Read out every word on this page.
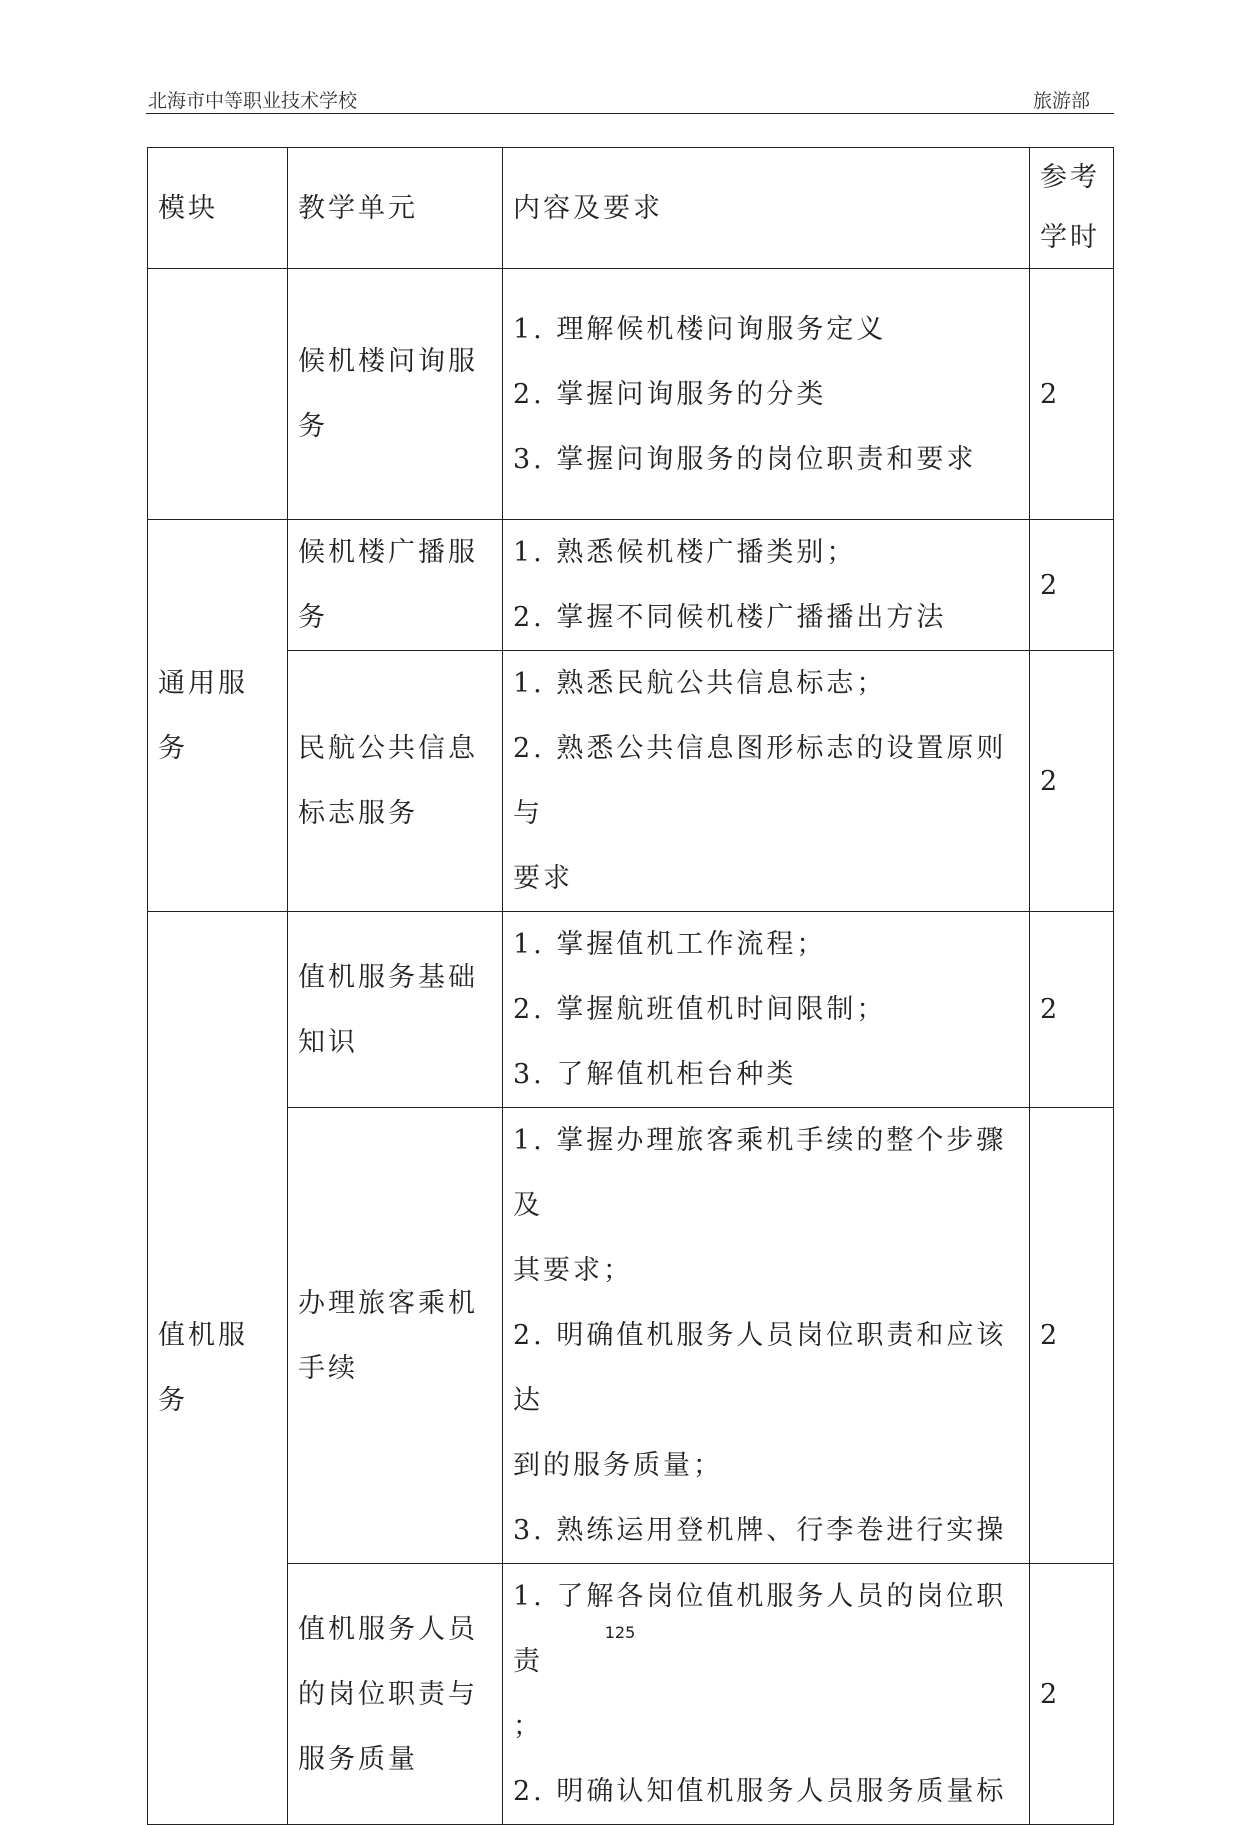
北海市中等职业技术学校	旅游部
模块	教学单元	内容及要求	参考
学时

	候机楼问询服
务	1. 理解候机楼问询服务定义
2. 掌握问询服务的分类
3. 掌握问询服务的岗位职责和要求	2
通用服务	候机楼广播服
务	1. 熟悉候机楼广播类别；
2. 掌握不同候机楼广播播出方法	2

	民航公共信息
标志服务	1. 熟悉民航公共信息标志；
2. 熟悉公共信息图形标志的设置原则与
要求	2
值机服务	值机服务基础
知识	1. 掌握值机工作流程；
2. 掌握航班值机时间限制；
3. 了解值机柜台种类	2

	办理旅客乘机
手续	1. 掌握办理旅客乘机手续的整个步骤及
其要求；
2. 明确值机服务人员岗位职责和应该达
到的服务质量；
3. 熟练运用登机牌、行李卷进行实操	2

	值机服务人员
的岗位职责与
服务质量	1. 了解各岗位值机服务人员的岗位职责
；
2. 明确认知值机服务人员服务质量标	2
125
